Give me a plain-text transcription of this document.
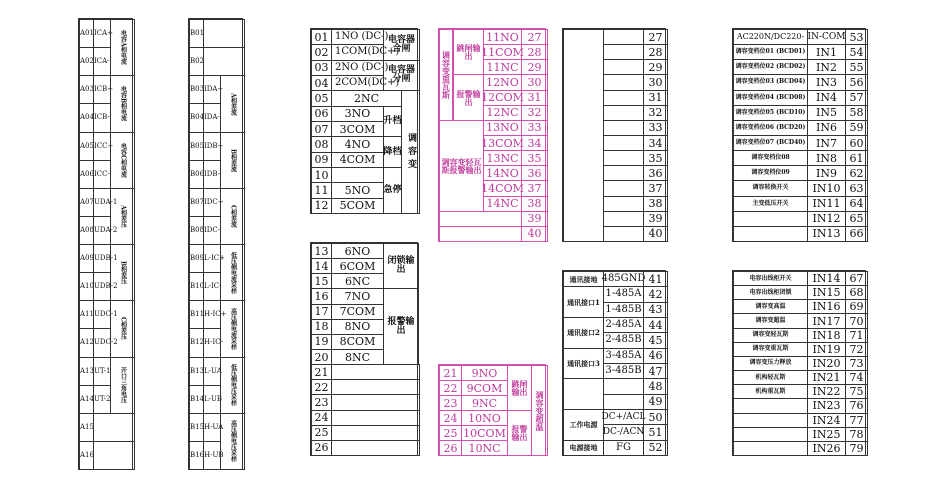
A01
A02
A03
A04
A05
A06
A07
A08
A09
A10
A11
A12
A13
A14
A15
A16
ICA+
ICA-
ICB+
ICB-
ICC+
ICC-
UDA-1
UDA-2
UDB-1
UDB-2
UDC-1
UDC-2
UT-1
UT-2
电容A相电流
电容B相电流
电容C相电流
A相差压
B相差压
C相差压
开口三角电压
B01
B02
B03
B04
B05
B06
B07
B08
B09
B10
B11
B12
B13
B14
B15
B16
IDA+
IDA-
IDB+
IDB-
IDC+
IDC-
L-IC+
L-IC-
H-IC+
H-IC-
L-UA
L-UB
H-UA
H-UB
A相差流
B相差流
C相差流
低压侧电流采样
高压侧电流采样
低压侧电压采样
高压侧电压采样
01
02
03
04
05
06
07
08
09
10
11
12
1NO (DC-)
1COM(DC+)
2NO (DC-)
2COM(DC+)
2NC
3NO
3COM
4NO
4COM
5NO
5COM
电容器合闸
电容器分闸
升档
降档
急停
调容变
13
14
15
16
17
18
19
20
21
22
23
24
25
26
6NO
6COM
6NC
7NO
7COM
8NO
8COM
8NC
闭锁输出
报警输出
11NO
11COM
11NC
12NO
12COM
12NC
13NO
13COM
13NC
14NO
14COM
14NC
27
28
29
30
31
32
33
34
35
36
37
38
39
40
调容变重瓦斯
跳闸输出
报警输出
调容变轻瓦斯报警输出
21
22
23
24
25
26
9NO
9COM
9NC
10NO
10COM
10NC
跳闸输出
报警输出
调容变超温
27
28
29
30
31
32
33
34
35
36
37
38
39
40
通讯接地
通讯接口1
通讯接口2
通讯接口3
工作电源
电源接地
485GND
1-485A
1-485B
2-485A
2-485B
3-485A
3-485B
DC+/ACL
DC-/ACN
FG
41
42
43
44
45
46
47
48
49
50
51
52
AC220N/DC220-
调容变档位01 (BCD01)
调容变档位02 (BCD02)
调容变档位03 (BCD04)
调容变档位04 (BCD08)
调容变档位05 (BCD10)
调容变档位06 (BCD20)
调容变档位07 (BCD40)
调容变档位08
调容变档位09
调容转换开关
主变低压开关
IN-COM
IN1
IN2
IN3
IN4
IN5
IN6
IN7
IN8
IN9
IN10
IN11
IN12
IN13
53
54
55
56
57
58
59
60
61
62
63
64
65
66
电容出线柜开关
电容出线柜闭锁
调容变高温
调容变超温
调容变轻瓦斯
调容变重瓦斯
调容变压力释放
机构轻瓦斯
机构重瓦斯
IN14
IN15
IN16
IN17
IN18
IN19
IN20
IN21
IN22
IN23
IN24
IN25
IN26
67
68
69
70
71
72
73
74
75
76
77
78
79
